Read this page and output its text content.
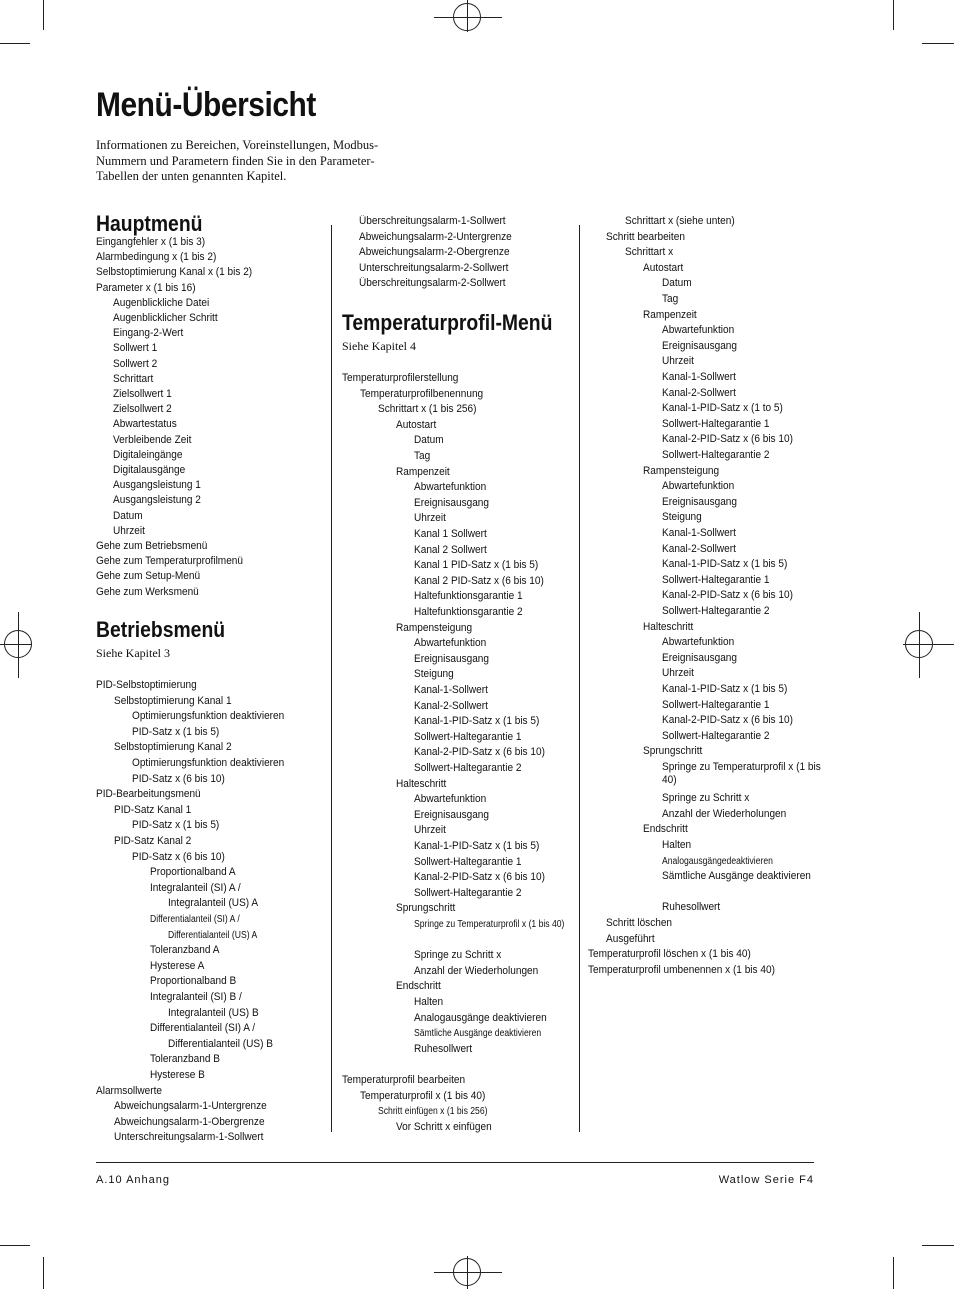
Menü-Übersicht
Informationen zu Bereichen, Voreinstellungen, Modbus-
Nummern und Parametern finden Sie in den Parameter-
Tabellen der unten genannten Kapitel.
Hauptmenü
Eingangfehler x (1 bis 3)
Alarmbedingung x (1 bis 2)
Selbstoptimierung Kanal x (1 bis 2)
Parameter x (1 bis 16)
Augenblickliche Datei
Augenblicklicher Schritt
Eingang-2-Wert
Sollwert 1
Sollwert 2
Schrittart
Zielsollwert 1
Zielsollwert 2
Abwartestatus
Verbleibende Zeit
Digitaleingänge
Digitalausgänge
Ausgangsleistung 1
Ausgangsleistung 2
Datum
Uhrzeit
Gehe zum Betriebsmenü
Gehe zum Temperaturprofilmenü
Gehe zum Setup-Menü
Gehe zum Werksmenü
Betriebsmenü
Siehe Kapitel 3
PID-Selbstoptimierung
Selbstoptimierung Kanal 1
Optimierungsfunktion deaktivieren
PID-Satz x (1 bis 5)
Selbstoptimierung Kanal 2
Optimierungsfunktion deaktivieren
PID-Satz x (6 bis 10)
PID-Bearbeitungsmenü
PID-Satz Kanal 1
PID-Satz x (1 bis 5)
PID-Satz Kanal 2
PID-Satz x (6 bis 10)
Proportionalband A
Integralanteil (SI) A /
Integralanteil (US) A
Differentialanteil (SI) A /
Differentialanteil (US) A
Toleranzband A
Hysterese A
Proportionalband B
Integralanteil (SI) B /
Integralanteil (US) B
Differentialanteil (SI) A /
Differentialanteil (US) B
Toleranzband B
Hysterese B
Alarmsollwerte
Abweichungsalarm-1-Untergrenze
Abweichungsalarm-1-Obergrenze
Unterschreitungsalarm-1-Sollwert
Überschreitungsalarm-1-Sollwert
Abweichungsalarm-2-Untergrenze
Abweichungsalarm-2-Obergrenze
Unterschreitungsalarm-2-Sollwert
Überschreitungsalarm-2-Sollwert
Temperaturprofil-Menü
Siehe Kapitel 4
Temperaturprofilerstellung
Temperaturprofilbenennung
Schrittart x (1 bis 256)
Autostart
Datum
Tag
Rampenzeit
Abwartefunktion
Ereignisausgang
Uhrzeit
Kanal 1 Sollwert
Kanal 2 Sollwert
Kanal 1 PID-Satz x (1 bis 5)
Kanal 2 PID-Satz x (6 bis 10)
Haltefunktionsgarantie 1
Haltefunktionsgarantie 2
Rampensteigung
Abwartefunktion
Ereignisausgang
Steigung
Kanal-1-Sollwert
Kanal-2-Sollwert
Kanal-1-PID-Satz x (1 bis 5)
Sollwert-Haltegarantie 1
Kanal-2-PID-Satz x (6 bis 10)
Sollwert-Haltegarantie 2
Halteschritt
Abwartefunktion
Ereignisausgang
Uhrzeit
Kanal-1-PID-Satz x (1 bis 5)
Sollwert-Haltegarantie 1
Kanal-2-PID-Satz x (6 bis 10)
Sollwert-Haltegarantie 2
Sprungschritt
Springe zu Temperaturprofil x (1 bis 40)
Springe zu Schritt x
Anzahl der Wiederholungen
Endschritt
Halten
Analogausgänge deaktivieren
Sämtliche Ausgänge deaktivieren
Ruhesollwert
Temperaturprofil bearbeiten
Temperaturprofil x (1 bis 40)
Schritt einfügen x (1 bis 256)
Vor Schritt x einfügen
Schrittart x (siehe unten)
Schritt bearbeiten
Schrittart x
Autostart
Datum
Tag
Rampenzeit
Abwartefunktion
Ereignisausgang
Uhrzeit
Kanal-1-Sollwert
Kanal-2-Sollwert
Kanal-1-PID-Satz x (1 to 5)
Sollwert-Haltegarantie 1
Kanal-2-PID-Satz x (6 bis 10)
Sollwert-Haltegarantie 2
Rampensteigung
Abwartefunktion
Ereignisausgang
Steigung
Kanal-1-Sollwert
Kanal-2-Sollwert
Kanal-1-PID-Satz x (1 bis 5)
Sollwert-Haltegarantie 1
Kanal-2-PID-Satz x (6 bis 10)
Sollwert-Haltegarantie 2
Halteschritt
Abwartefunktion
Ereignisausgang
Uhrzeit
Kanal-1-PID-Satz x (1 bis 5)
Sollwert-Haltegarantie 1
Kanal-2-PID-Satz x (6 bis 10)
Sollwert-Haltegarantie 2
Sprungschritt
Springe zu Temperaturprofil x (1 bis 40)
Springe zu Schritt x
Anzahl der Wiederholungen
Endschritt
Halten
Analogausgängedeaktivieren
Sämtliche Ausgänge deaktivieren
Ruhesollwert
Schritt löschen
Ausgeführt
Temperaturprofil löschen x (1 bis 40)
Temperaturprofil umbenennen x (1 bis 40)
A.10 Anhang	Watlow Serie F4
